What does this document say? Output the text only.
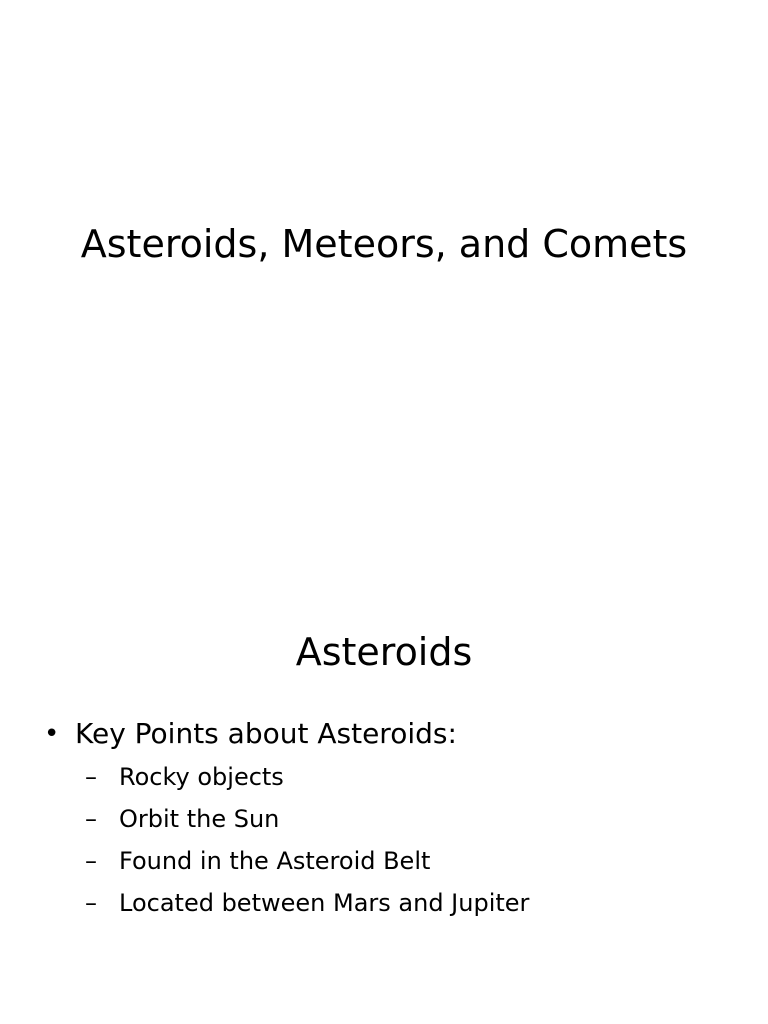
Asteroids, Meteors, and Comets
Asteroids
• Key Points about Asteroids:
– Rocky objects
– Orbit the Sun
– Found in the Asteroid Belt
– Located between Mars and Jupiter
